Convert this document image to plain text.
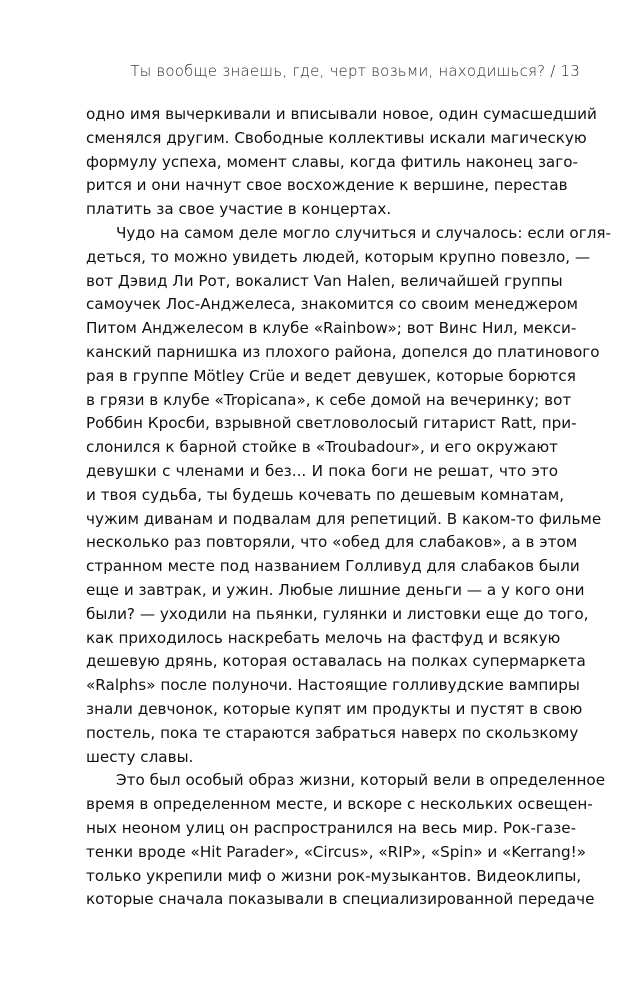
Ты вообще знаешь, где, черт возьми, находишься? / 13
одно имя вычеркивали и вписывали новое, один сумасшедший
сменялся другим. Свободные коллективы искали магическую
формулу успеха, момент славы, когда фитиль наконец заго-
рится и они начнут свое восхождение к вершине, перестав
платить за свое участие в концертах.
Чудо на самом деле могло случиться и случалось: если огля-
деться, то можно увидеть людей, которым крупно повезло, —
вот Дэвид Ли Рот, вокалист Van Halen, величайшей группы
самоучек Лос-Анджелеса, знакомится со своим менеджером
Питом Анджелесом в клубе «Rainbow»; вот Винс Нил, мекси-
канский парнишка из плохого района, допелся до платинового
рая в группе Mötley Crüe и ведет девушек, которые борются
в грязи в клубе «Tropicana», к себе домой на вечеринку; вот
Роббин Кросби, взрывной светловолосый гитарист Ratt, при-
слонился к барной стойке в «Troubadour», и его окружают
девушки с членами и без... И пока боги не решат, что это
и твоя судьба, ты будешь кочевать по дешевым комнатам,
чужим диванам и подвалам для репетиций. В каком-то фильме
несколько раз повторяли, что «обед для слабаков», а в этом
странном месте под названием Голливуд для слабаков были
еще и завтрак, и ужин. Любые лишние деньги — а у кого они
были? — уходили на пьянки, гулянки и листовки еще до того,
как приходилось наскребать мелочь на фастфуд и всякую
дешевую дрянь, которая оставалась на полках супермаркета
«Ralphs» после полуночи. Настоящие голливудские вампиры
знали девчонок, которые купят им продукты и пустят в свою
постель, пока те стараются забраться наверх по скользкому
шесту славы.
Это был особый образ жизни, который вели в определенное
время в определенном месте, и вскоре с нескольких освещен-
ных неоном улиц он распространился на весь мир. Рок-газе-
тенки вроде «Hit Parader», «Circus», «RIP», «Spin» и «Kerrang!»
только укрепили миф о жизни рок-музыкантов. Видеоклипы,
которые сначала показывали в специализированной передаче
